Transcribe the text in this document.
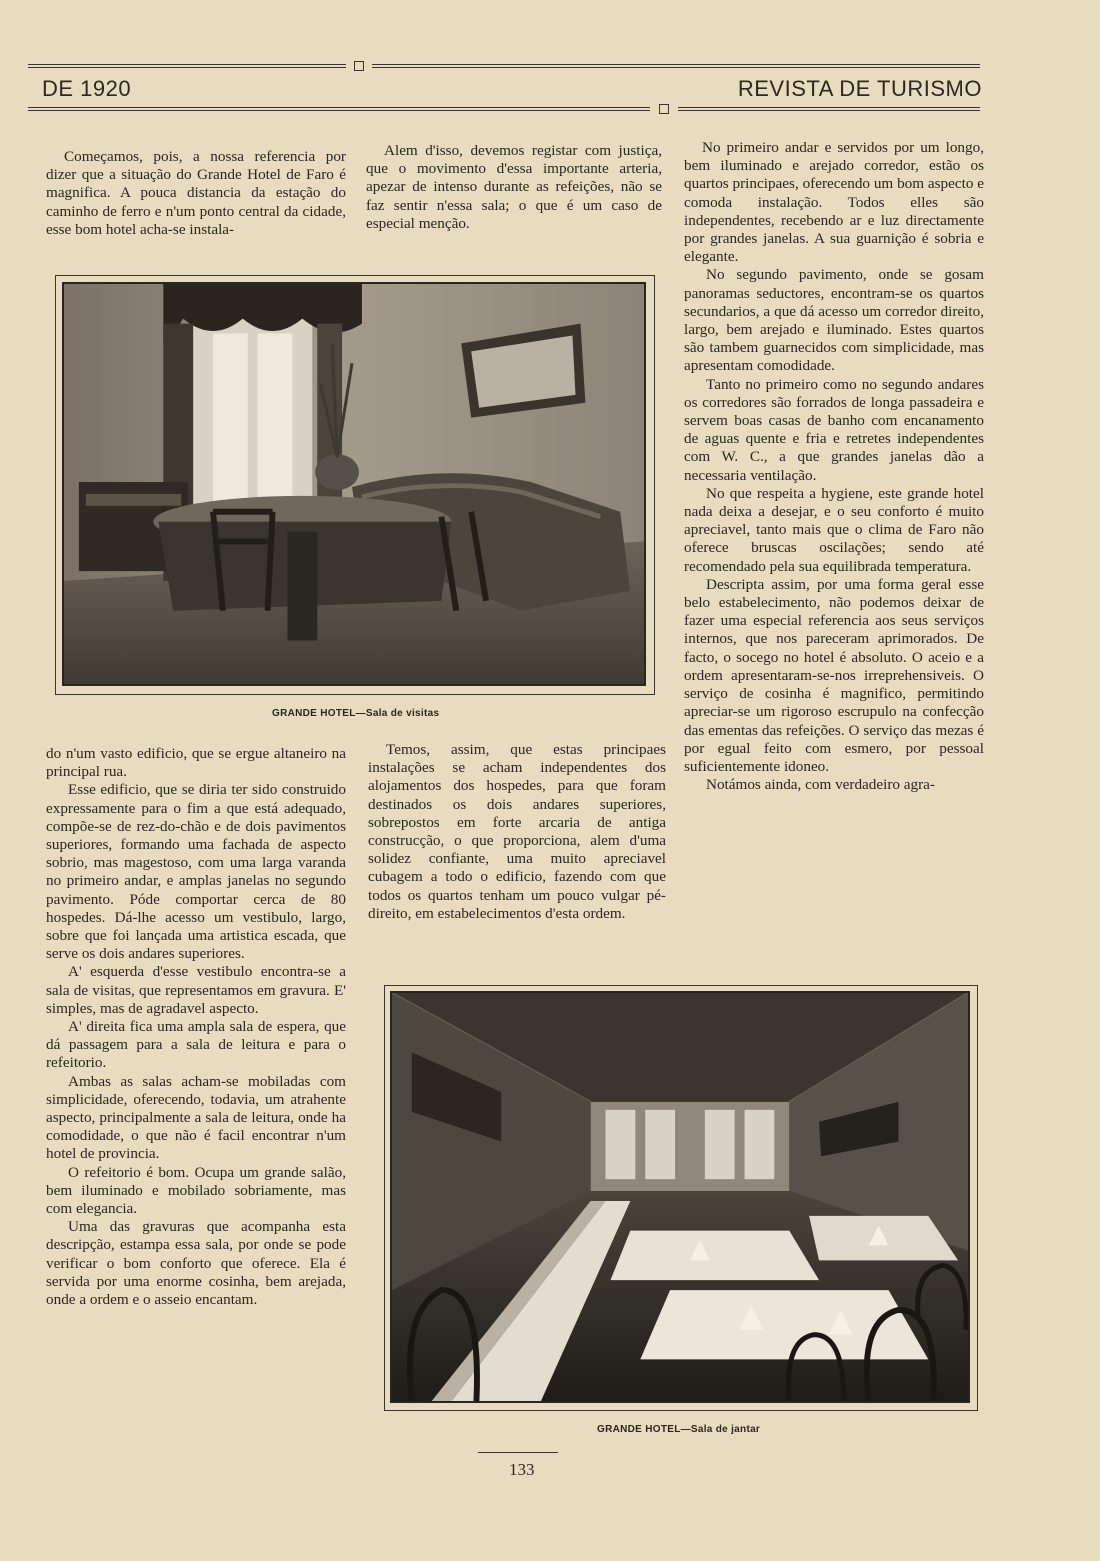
DE 1920	REVISTA DE TURISMO

Começamos, pois, a nossa referencia por dizer que a situação do Grande Hotel de Faro é magnifica. A pouca distancia da estação do caminho de ferro e n'um ponto central da cidade, esse bom hotel acha-se instala-

Alem d'isso, devemos registar com justiça, que o movimento d'essa importante arteria, apezar de intenso durante as refeições, não se faz sentir n'essa sala; o que é um caso de especial menção.

GRANDE HOTEL—Sala de visitas

do n'um vasto edificio, que se ergue altaneiro na principal rua.

Esse edificio, que se diria ter sido construido expressamente para o fim a que está adequado, compõe-se de rez-do-chão e de dois pavimentos superiores, formando uma fachada de aspecto sobrio, mas magestoso, com uma larga varanda no primeiro andar, e amplas janelas no segundo pavimento. Póde comportar cerca de 80 hospedes. Dá-lhe acesso um vestibulo, largo, sobre que foi lançada uma artistica escada, que serve os dois andares superiores.

A' esquerda d'esse vestibulo encontra-se a sala de visitas, que representamos em gravura. E' simples, mas de agradavel aspecto.

A' direita fica uma ampla sala de espera, que dá passagem para a sala de leitura e para o refeitorio.

Ambas as salas acham-se mobiladas com simplicidade, oferecendo, todavia, um atrahente aspecto, principalmente a sala de leitura, onde ha comodidade, o que não é facil encontrar n'um hotel de provincia.

O refeitorio é bom. Ocupa um grande salão, bem iluminado e mobilado sobriamente, mas com elegancia.

Uma das gravuras que acompanha esta descripção, estampa essa sala, por onde se pode verificar o bom conforto que oferece. Ela é servida por uma enorme cosinha, bem arejada, onde a ordem e o asseio encantam.

Temos, assim, que estas principaes instalações se acham independentes dos alojamentos dos hospedes, para que foram destinados os dois andares superiores, sobrepostos em forte arcaria de antiga construcção, o que proporciona, alem d'uma solidez confiante, uma muito apreciavel cubagem a todo o edificio, fazendo com que todos os quartos tenham um pouco vulgar pé-direito, em estabelecimentos d'esta ordem.

No primeiro andar e servidos por um longo, bem iluminado e arejado corredor, estão os quartos principaes, oferecendo um bom aspecto e comoda instalação. Todos elles são independentes, recebendo ar e luz directamente por grandes janelas. A sua guarnição é sobria e elegante.

No segundo pavimento, onde se gosam panoramas seductores, encontram-se os quartos secundarios, a que dá acesso um corredor direito, largo, bem arejado e iluminado. Estes quartos são tambem guarnecidos com simplicidade, mas apresentam comodidade.

Tanto no primeiro como no segundo andares os corredores são forrados de longa passadeira e servem boas casas de banho com encanamento de aguas quente e fria e retretes independentes com W. C., a que grandes janelas dão a necessaria ventilação.

No que respeita a hygiene, este grande hotel nada deixa a desejar, e o seu conforto é muito apreciavel, tanto mais que o clima de Faro não oferece bruscas oscilações; sendo até recomendado pela sua equilibrada temperatura.

Descripta assim, por uma forma geral esse belo estabelecimento, não podemos deixar de fazer uma especial referencia aos seus serviços internos, que nos pareceram aprimorados. De facto, o socego no hotel é absoluto. O aceio e a ordem apresentaram-se-nos irreprehensiveis. O serviço de cosinha é magnifico, permitindo apreciar-se um rigoroso escrupulo na confecção das ementas das refeições. O serviço das mezas é por egual feito com esmero, por pessoal suficientemente idoneo.

Notámos ainda, com verdadeiro agra-

GRANDE HOTEL—Sala de jantar
133
